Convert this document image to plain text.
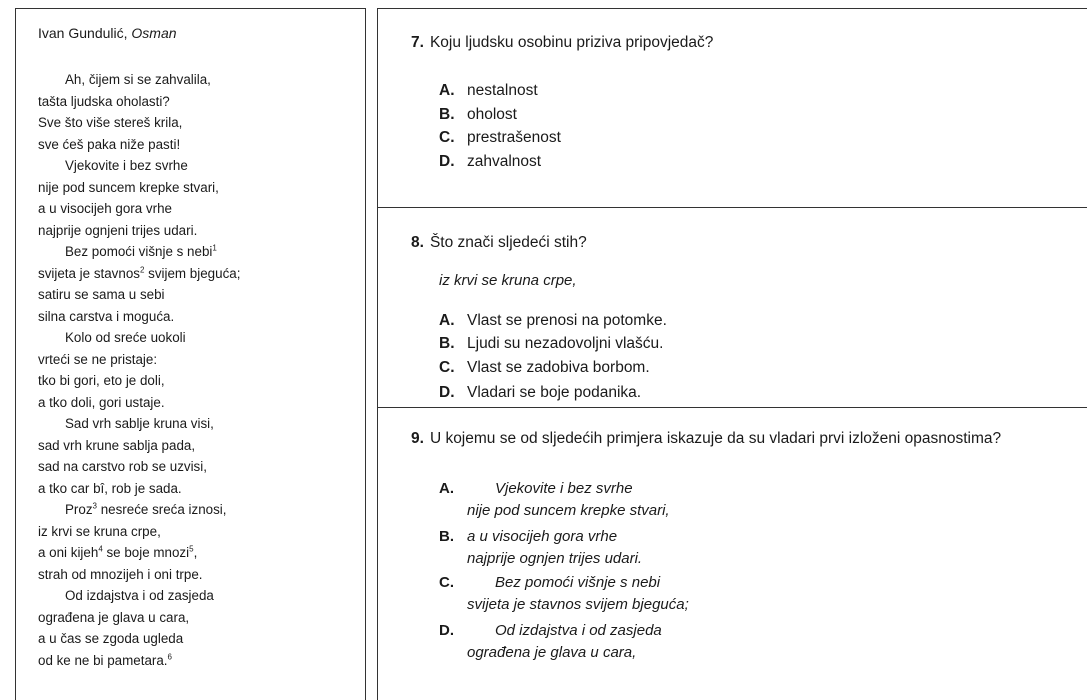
Ivan Gundulić, Osman
Ah, čijem si se zahvalila,
tašta ljudska oholasti?
Sve što više stereš krila,
sve ćeš paka niže pasti!
Vjekovite i bez svrhe
nije pod suncem krepke stvari,
a u visocijeh gora vrhe
najprije ognjeni trijes udari.
Bez pomoći višnje s nebi$^1$
svijeta je stavnos$^2$ svijem bjeguća;
satiru se sama u sebi
silna carstva i moguća.
Kolo od sreće uokoli
vrteći se ne pristaje:
tko bi gori, eto je doli,
a tko doli, gori ustaje.
Sad vrh sablje kruna visi,
sad vrh krune sablja pada,
sad na carstvo rob se uzvisi,
a tko car bî, rob je sada.
Proz$^3$ nesreće sreća iznosi,
iz krvi se kruna crpe,
a oni kijeh$^4$ se boje mnozi$^5$,
strah od mnozijeh i oni trpe.
Od izdajstva i od zasjeda
ograđena je glava u cara,
a u čas se zgoda ugleda
od ke ne bi pametara.$^6$
7. Koju ljudsku osobinu priziva pripovjedač?
A. nestalnost
B. oholost
C. prestrašenost
D. zahvalnost
8. Što znači sljedeći stih?
iz krvi se kruna crpe,
A. Vlast se prenosi na potomke.
B. Ljudi su nezadovoljni vlašću.
C. Vlast se zadobiva borbom.
D. Vladari se boje podanika.
9. U kojemu se od sljedećih primjera iskazuje da su vladari prvi izloženi opasnostima?
A.	Vjekovite i bez svrhe
nije pod suncem krepke stvari,
B. a u visocijeh gora vrhe
najprije ognjen trijes udari.
C.	Bez pomoći višnje s nebi
svijeta je stavnos svijem bjeguća;
D.	Od izdajstva i od zasjeda
ograđena je glava u cara,
